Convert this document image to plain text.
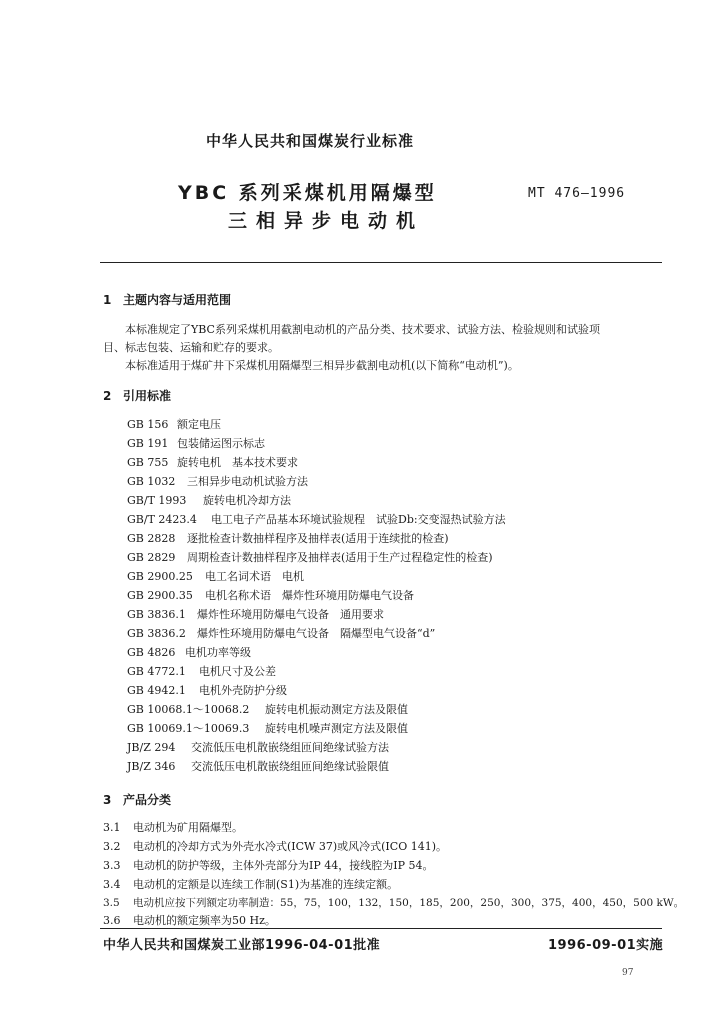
中华人民共和国煤炭行业标准
YBC 系列采煤机用隔爆型
三相异步电动机
MT 476—1996
1 主题内容与适用范围
本标准规定了YBC系列采煤机用截割电动机的产品分类、技术要求、试验方法、检验规则和试验项
目、标志包装、运输和贮存的要求。
本标准适用于煤矿井下采煤机用隔爆型三相异步截割电动机(以下简称“电动机”)。
2 引用标准
GB 156 额定电压
GB 191 包装储运图示标志
GB 755 旋转电机　基本技术要求
GB 1032 三相异步电动机试验方法
GB/T 1993 旋转电机冷却方法
GB/T 2423.4 电工电子产品基本环境试验规程　试验Db:交变湿热试验方法
GB 2828 逐批检查计数抽样程序及抽样表(适用于连续批的检查)
GB 2829 周期检查计数抽样程序及抽样表(适用于生产过程稳定性的检查)
GB 2900.25 电工名词术语　电机
GB 2900.35 电机名称术语　爆炸性环境用防爆电气设备
GB 3836.1 爆炸性环境用防爆电气设备　通用要求
GB 3836.2 爆炸性环境用防爆电气设备　隔爆型电气设备“d”
GB 4826 电机功率等级
GB 4772.1 电机尺寸及公差
GB 4942.1 电机外壳防护分级
GB 10068.1～10068.2 旋转电机振动测定方法及限值
GB 10069.1～10069.3 旋转电机噪声测定方法及限值
JB/Z 294 交流低压电机散嵌绕组匝间绝缘试验方法
JB/Z 346 交流低压电机散嵌绕组匝间绝缘试验限值
3 产品分类
3.1 电动机为矿用隔爆型。
3.2 电动机的冷却方式为外壳水冷式(ICW 37)或风冷式(ICO 141)。
3.3 电动机的防护等级，主体外壳部分为IP 44，接线腔为IP 54。
3.4 电动机的定额是以连续工作制(S1)为基准的连续定额。
3.5 电动机应按下列额定功率制造：55，75，100，132，150，185，200，250，300，375，400，450，500 kW。
3.6 电动机的额定频率为50 Hz。
中华人民共和国煤炭工业部1996-04-01批准	1996-09-01实施
97
